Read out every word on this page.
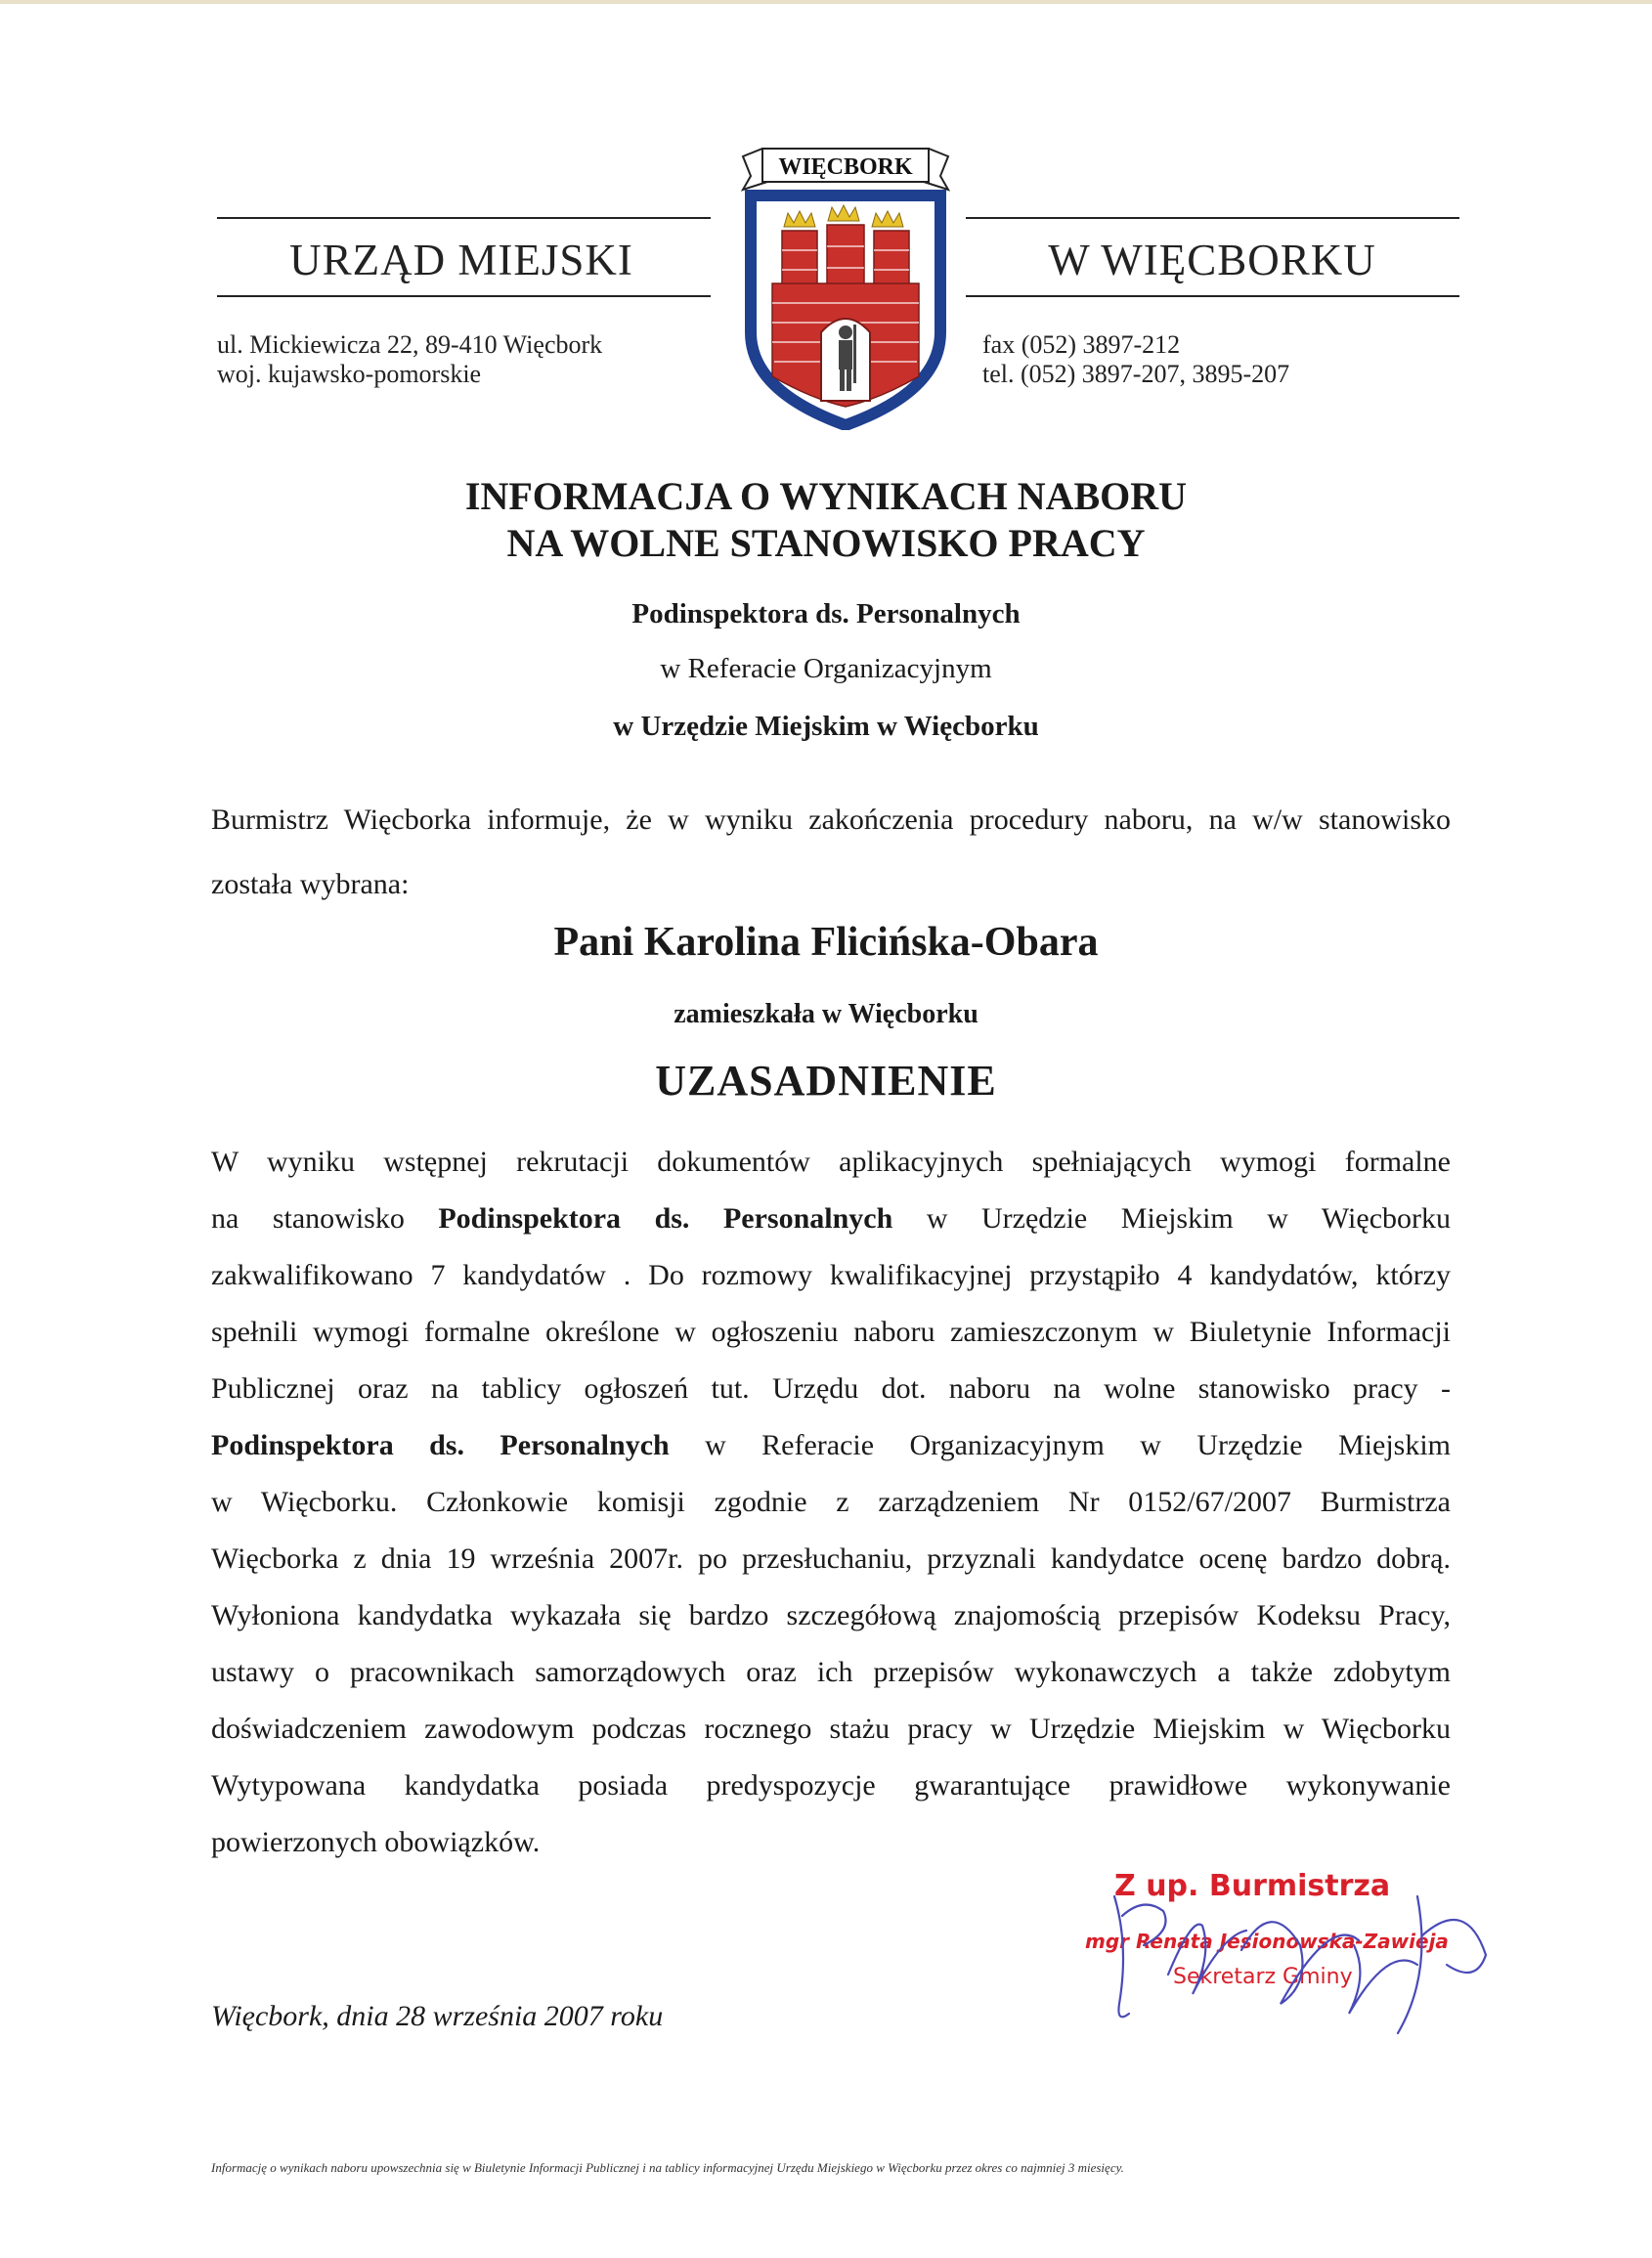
URZĄD MIEJSKI	W WIĘCBORKU
ul. Mickiewicza 22, 89-410 Więcbork
woj. kujawsko-pomorskie
fax (052) 3897-212
tel. (052) 3897-207, 3895-207
WIĘCBORK
INFORMACJA O WYNIKACH NABORU
NA WOLNE STANOWISKO PRACY
Podinspektora ds. Personalnych
w Referacie Organizacyjnym
w Urzędzie Miejskim w Więcborku
Burmistrz Więcborka informuje, że w wyniku zakończenia procedury naboru, na w/w stanowisko
została wybrana:
Pani Karolina Flicińska-Obara
zamieszkała w Więcborku
UZASADNIENIE
W wyniku wstępnej rekrutacji dokumentów aplikacyjnych spełniających wymogi formalne
na stanowisko Podinspektora ds. Personalnych w Urzędzie Miejskim w Więcborku
zakwalifikowano 7 kandydatów . Do rozmowy kwalifikacyjnej przystąpiło 4 kandydatów, którzy
spełnili wymogi formalne określone w ogłoszeniu naboru zamieszczonym w Biuletynie Informacji
Publicznej oraz na tablicy ogłoszeń tut. Urzędu dot. naboru na wolne stanowisko pracy -
Podinspektora ds. Personalnych w Referacie Organizacyjnym w Urzędzie Miejskim
w Więcborku. Członkowie komisji zgodnie z zarządzeniem Nr 0152/67/2007 Burmistrza
Więcborka z dnia 19 września 2007r. po przesłuchaniu, przyznali kandydatce ocenę bardzo dobrą.
Wyłoniona kandydatka wykazała się bardzo szczegółową znajomością przepisów Kodeksu Pracy,
ustawy o pracownikach samorządowych oraz ich przepisów wykonawczych a także zdobytym
doświadczeniem zawodowym podczas rocznego stażu pracy w Urzędzie Miejskim w Więcborku
Wytypowana kandydatka posiada predyspozycje gwarantujące prawidłowe wykonywanie
powierzonych obowiązków.
Z up. Burmistrza
mgr Renata Jesionowska-Zawieja
Sekretarz Gminy
Więcbork, dnia 28 września 2007 roku
Informację o wynikach naboru upowszechnia się w Biuletynie Informacji Publicznej i na tablicy informacyjnej Urzędu Miejskiego w Więcborku przez okres co najmniej 3 miesięcy.
